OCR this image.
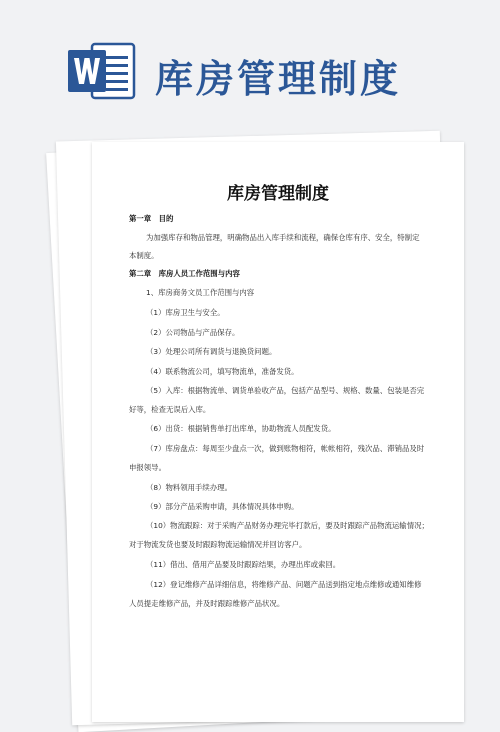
库房管理制度
库房管理制度
第一章　目的
为加强库存和物品管理，明确物品出入库手续和流程，确保仓库有序、安全，特制定
本制度。
第二章　库房人员工作范围与内容
1、库房商务文员工作范围与内容
（1）库房卫生与安全。
（2）公司物品与产品保存。
（3）处理公司所有调货与退换货问题。
（4）联系物流公司，填写物流单，准备发货。
（5）入库：根据物流单、调货单验收产品，包括产品型号、规格、数量、包装是否完
好等，检查无误后入库。
（6）出货：根据销售单打出库单，协助物流人员配发货。
（7）库房盘点：每周至少盘点一次，做到账物相符，帐帐相符，残次品、滞销品及时
申报领导。
（8）物料领用手续办理。
（9）部分产品采购申请，具体情况具体申购。
（10）物流跟踪：对于采购产品财务办理完毕打款后，要及时跟踪产品物流运输情况；
对于物流发货也要及时跟踪物流运输情况并回访客户。
（11）借出、借用产品要及时跟踪结果，办理出库或索回。
（12）登记维修产品详细信息，将维修产品、问题产品送到指定地点维修或通知维修
人员提走维修产品，并及时跟踪维修产品状况。
